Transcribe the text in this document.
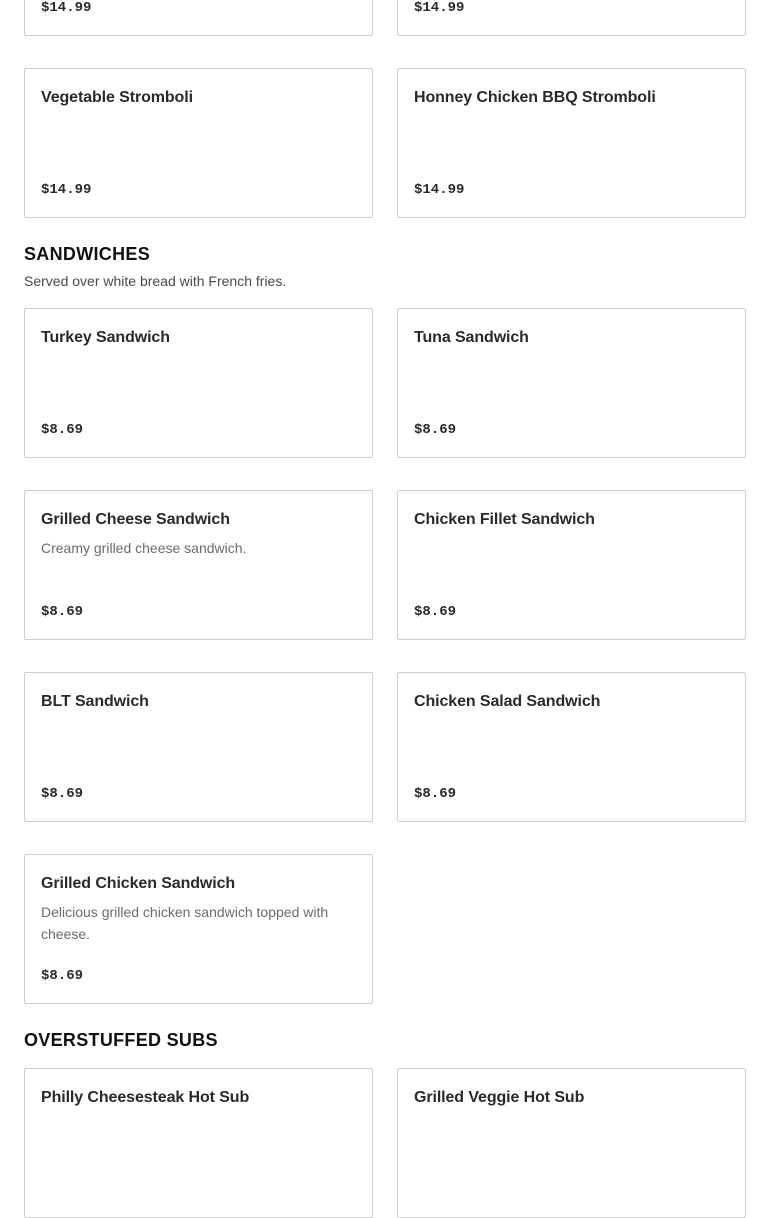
$14.99	$14.99
Vegetable Stromboli
$14.99
Honney Chicken BBQ Stromboli
$14.99
SANDWICHES
Served over white bread with French fries.
Turkey Sandwich
$8.69
Tuna Sandwich
$8.69
Grilled Cheese Sandwich
Creamy grilled cheese sandwich.
$8.69
Chicken Fillet Sandwich
$8.69
BLT Sandwich
$8.69
Chicken Salad Sandwich
$8.69
Grilled Chicken Sandwich
Delicious grilled chicken sandwich topped with cheese.
$8.69
OVERSTUFFED SUBS
Philly Cheesesteak Hot Sub	Grilled Veggie Hot Sub
